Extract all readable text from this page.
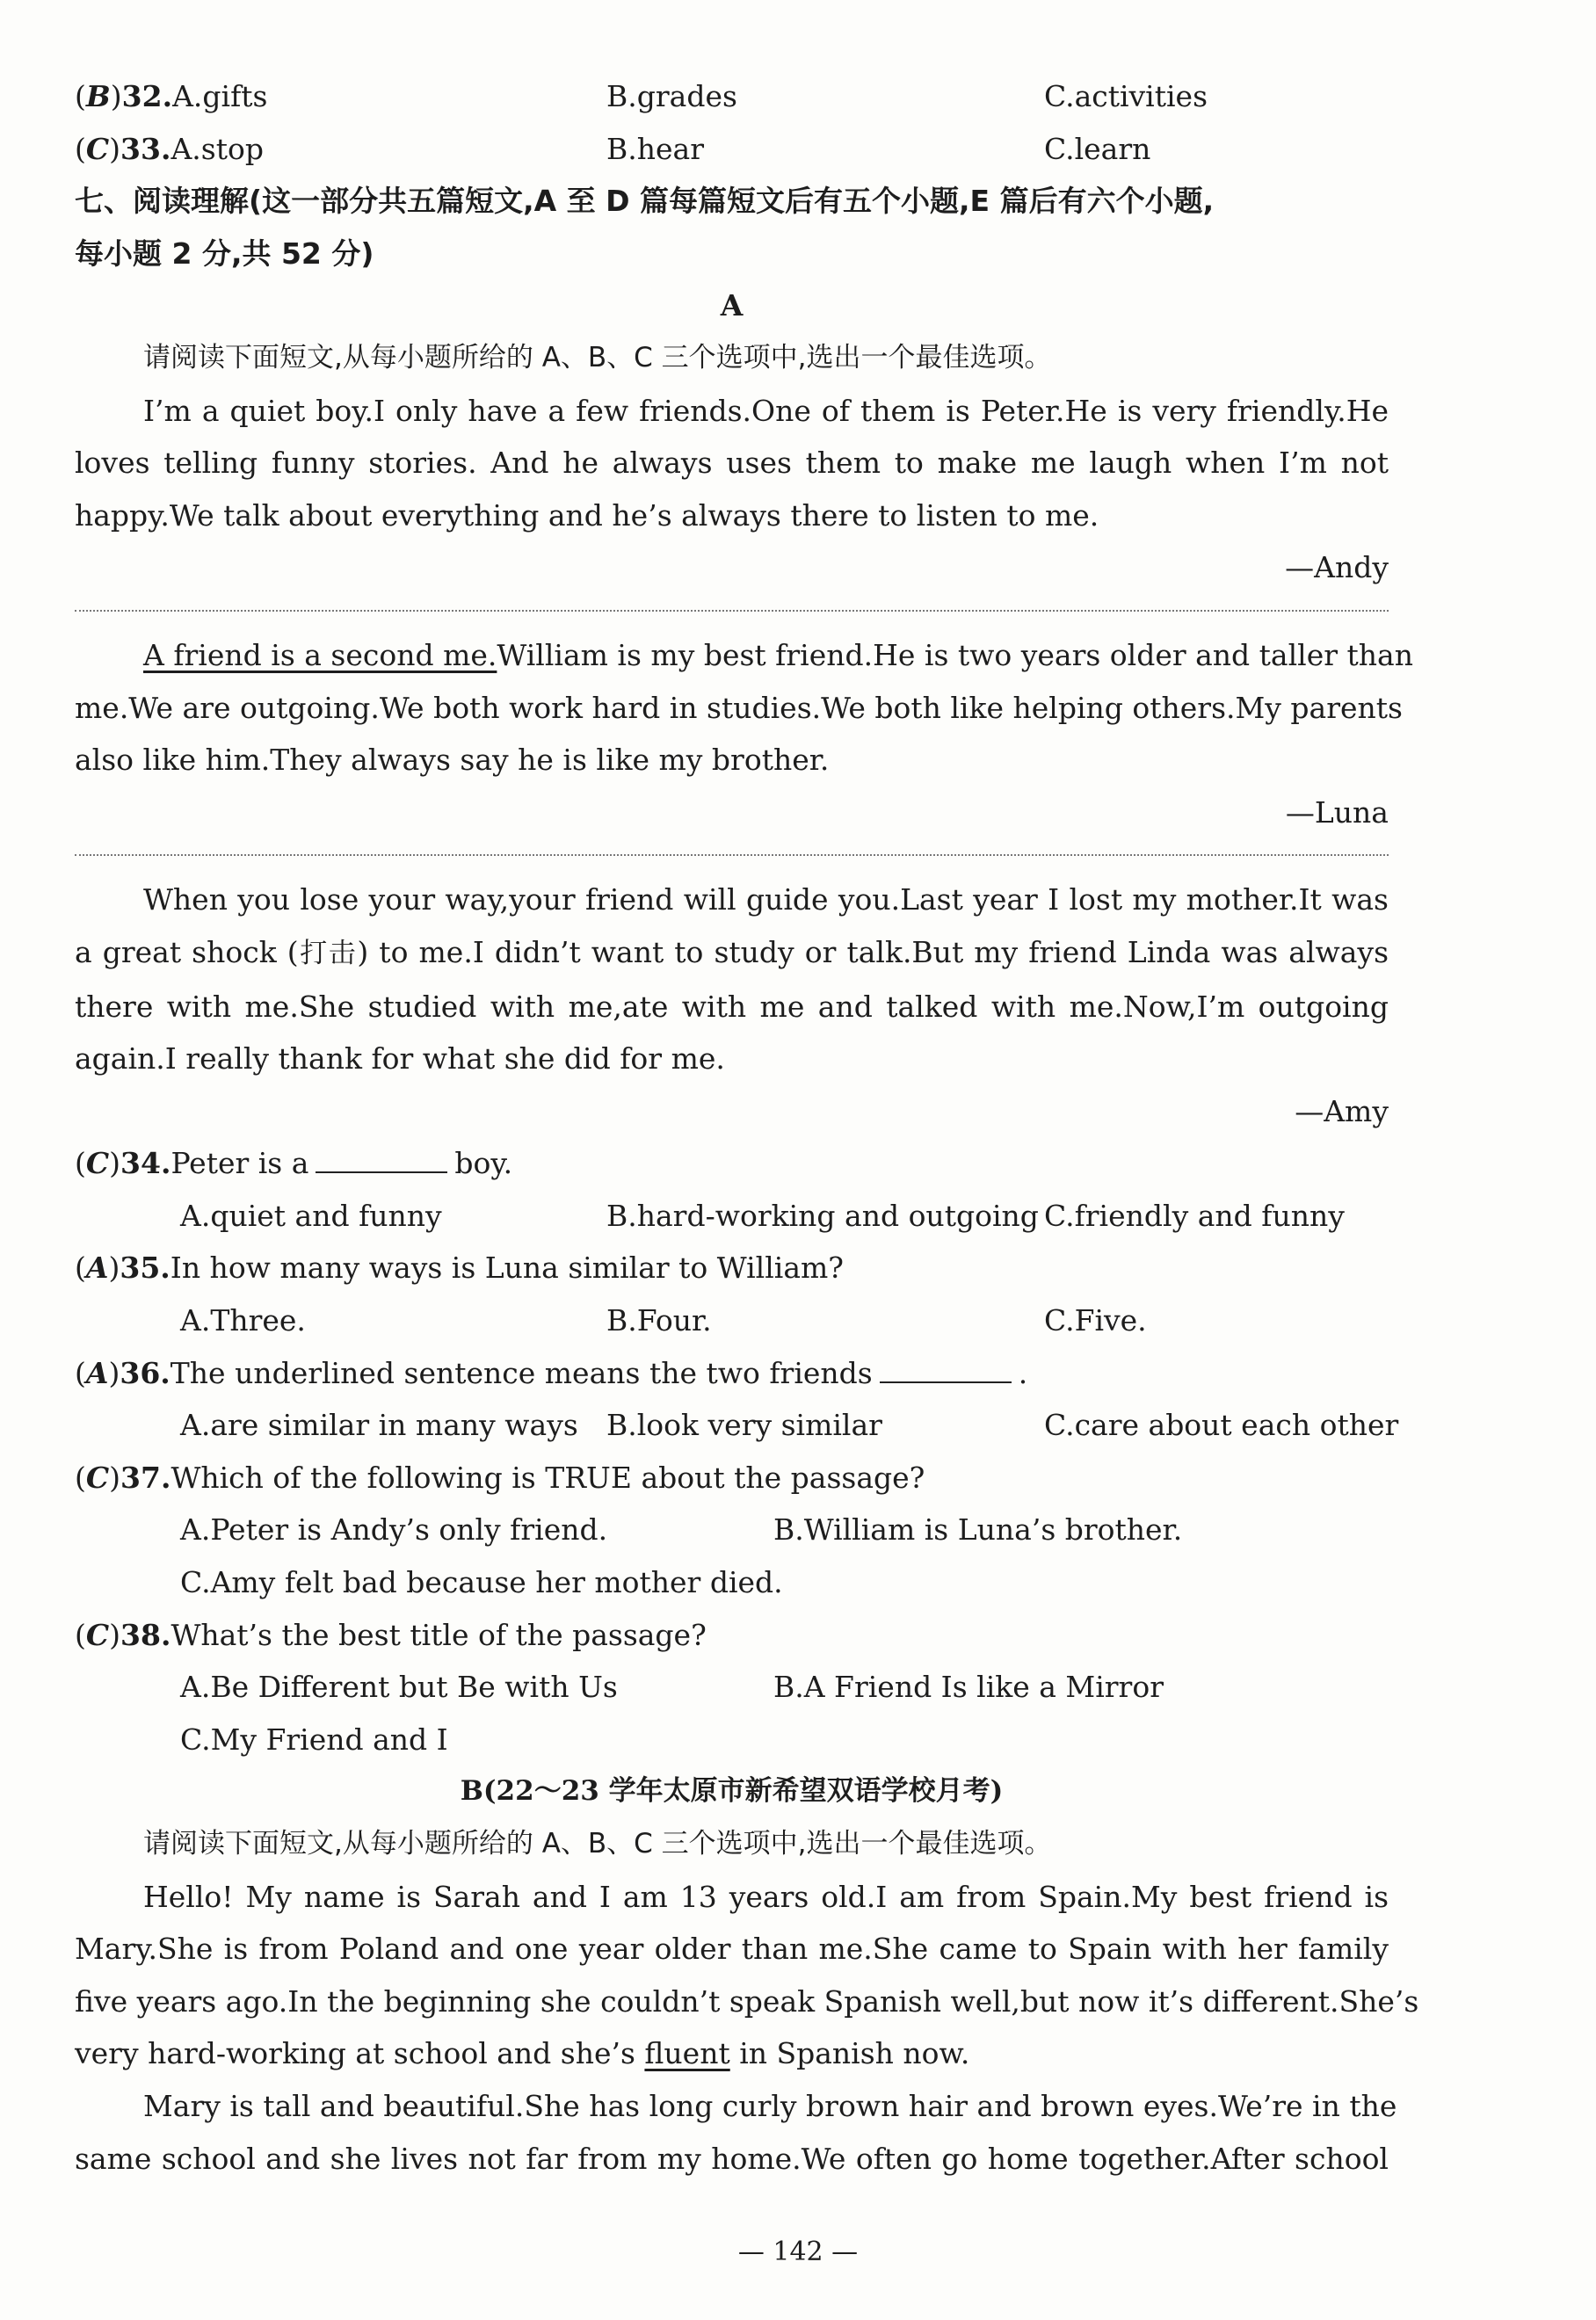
(B)32.A.gifts	B.grades	C.activities
(C)33.A.stop	B.hear	C.learn
七、阅读理解(这一部分共五篇短文,A 至 D 篇每篇短文后有五个小题,E 篇后有六个小题,
每小题 2 分,共 52 分)
A
请阅读下面短文,从每小题所给的 A、B、C 三个选项中,选出一个最佳选项。
I’m a quiet boy.I only have a few friends.One of them is Peter.He is very friendly.He
loves telling funny stories. And he always uses them to make me laugh when I’m not
happy.We talk about everything and he’s always there to listen to me.
—Andy
A friend is a second me.William is my best friend.He is two years older and taller than
me.We are outgoing.We both work hard in studies.We both like helping others.My parents
also like him.They always say he is like my brother.
—Luna
When you lose your way,your friend will guide you.Last year I lost my mother.It was
a great shock (打击) to me.I didn’t want to study or talk.But my friend Linda was always
there with me.She studied with me,ate with me and talked with me.Now,I’m outgoing
again.I really thank for what she did for me.
—Amy
(C)34.Peter is a	boy.
A.quiet and funny	B.hard-working and outgoing C.friendly and funny
(A)35.In how many ways is Luna similar to William?
A.Three.	B.Four.	C.Five.
(A)36.The underlined sentence means the two friends	.
A.are similar in many ways B.look very similar	C.care about each other
(C)37.Which of the following is TRUE about the passage?
A.Peter is Andy’s only friend.	B.William is Luna’s brother.
C.Amy felt bad because her mother died.
(C)38.What’s the best title of the passage?
A.Be Different but Be with Us	B.A Friend Is like a Mirror
C.My Friend and I
B(22～23 学年太原市新希望双语学校月考)
请阅读下面短文,从每小题所给的 A、B、C 三个选项中,选出一个最佳选项。
Hello! My name is Sarah and I am 13 years old.I am from Spain.My best friend is
Mary.She is from Poland and one year older than me.She came to Spain with her family
five years ago.In the beginning she couldn’t speak Spanish well,but now it’s different.She’s
very hard-working at school and she’s fluent in Spanish now.
Mary is tall and beautiful.She has long curly brown hair and brown eyes.We’re in the
same school and she lives not far from my home.We often go home together.After school
— 142 —
